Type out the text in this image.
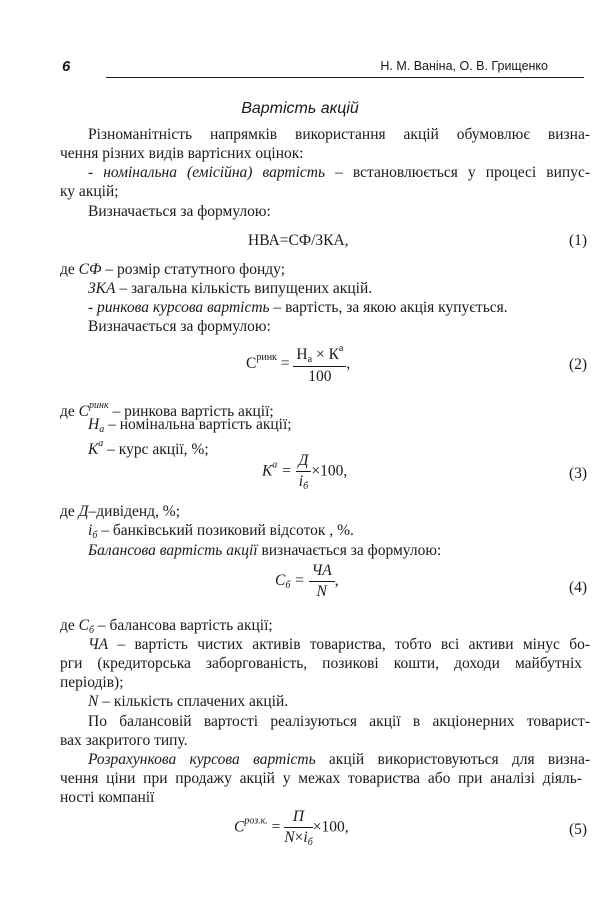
6	Н. М. Ваніна, О. В. Грищенко
Вартість акцій
Різноманітність напрямків використання акцій обумовлює визна-
чення різних видів вартісних оцінок:
- номінальна (емісійна) вартість – встановлюється у процесі випус-
ку акцій;
Визначається за формулою:
НВА=СФ/ЗКА,	(1)
де СФ – розмір статутного фонду;
ЗКА – загальна кількість випущених акцій.
- ринкова курсова вартість – вартість, за якою акція купується.
Визначається за формулою:
$C^{ринк} = \frac{Н_а \times К^а}{100}$ ,	(2)
де $С^{ринк}$ – ринкова вартість акції;
$Н_а$ – номінальна вартість акції;
$К^а$ – курс акції, %;
$К^а = \frac{Д}{і_б} \times 100$,	(3)
де Д–дивіденд, %;
$і_б$ – банківський позиковий відсоток , %.
Балансова вартість акції визначається за формулою:
$С_б = \frac{ЧА}{N}$ ,	(4)
де $С_б$ – балансова вартість акції;
ЧА – вартість чистих активів товариства, тобто всі активи мінус бо-
рги (кредиторська заборгованість, позикові кошти, доходи майбутніх
періодів);
N – кількість сплачених акцій.
По балансовій вартості реалізуються акції в акціонерних товарист-
вах закритого типу.
Розрахункова курсова вартість акцій використовуються для визна-
чення ціни при продажу акцій у межах товариства або при аналізі діяль-
ності компанії
$C^{роз.к.} = \frac{П}{N\times і_б} \times 100$,	(5)
